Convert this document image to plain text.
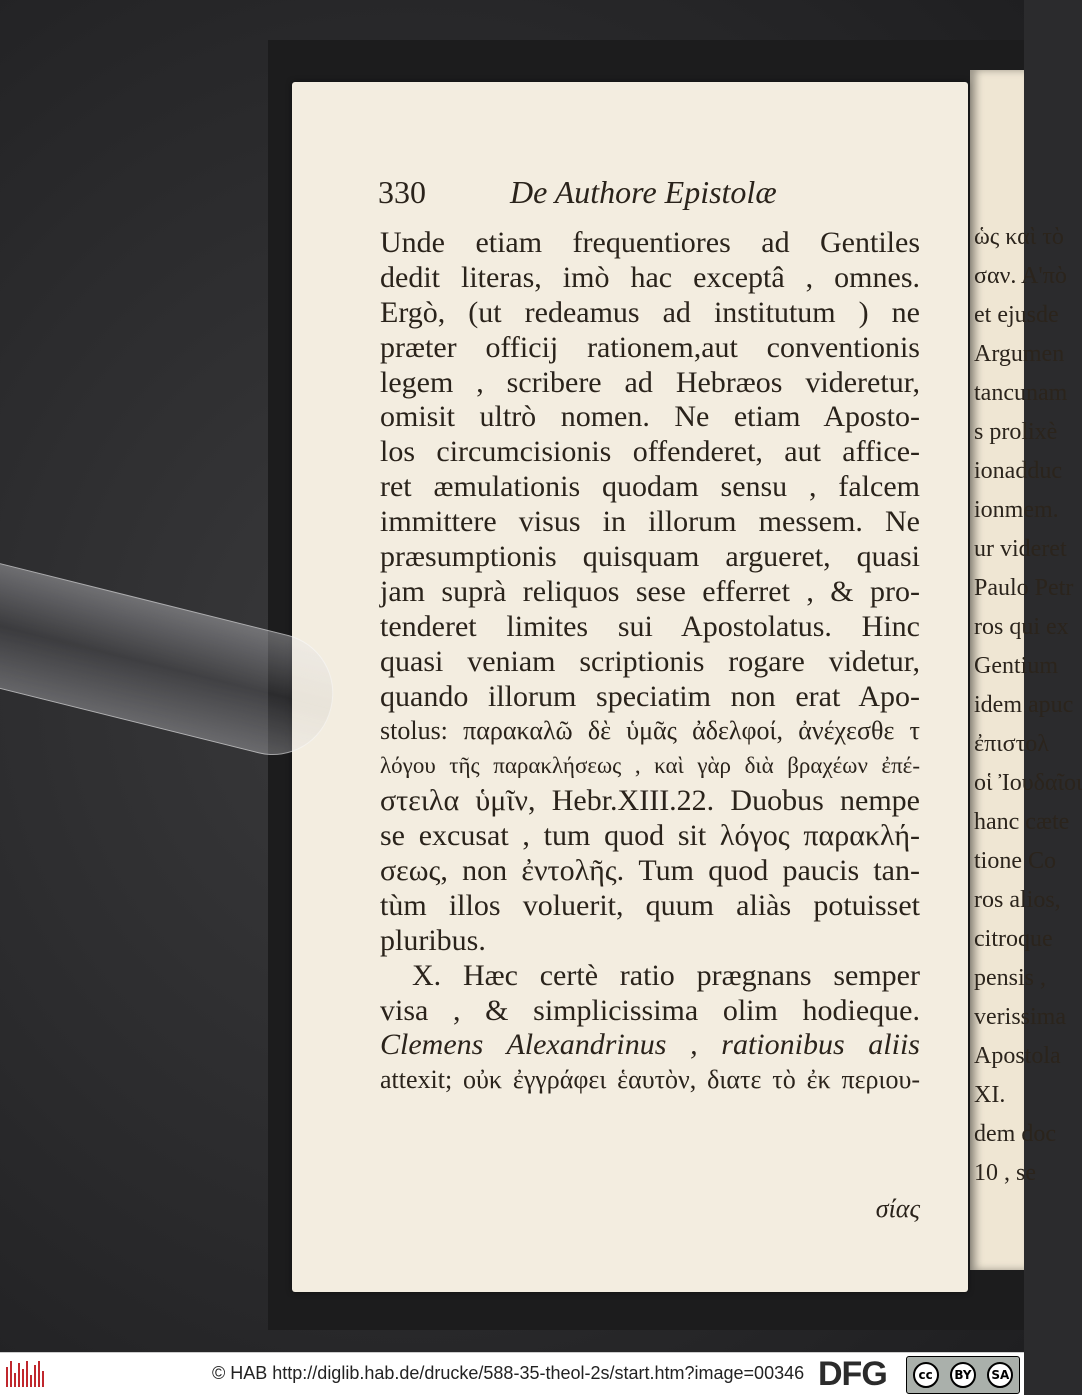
ὡς καὶ τὸ
σαν. Α'πὸ
et ejusde
Argumen
tancunam
s prolixè
ionadduc
ionmem.
ur videret
Paulo Petr
ros qui ex
Gentium
idem apuc
ἐπιστολ
οἱ Ἰουδαῖοι
hanc cæte
tione Co
ros alios,
citroque
pensis ,
verissima
Apostola
XI.
dem doc
10 , se
330	De Authore Epistolæ
Unde etiam frequentiores ad Gentiles
dedit literas, imò hac exceptâ , omnes.
Ergò, (ut redeamus ad institutum ) ne
præter officij rationem,aut conventionis
legem , scribere ad Hebræos videretur,
omisit ultrò nomen. Ne etiam Aposto-
los circumcisionis offenderet, aut affice-
ret æmulationis quodam sensu , falcem
immittere visus in illorum messem. Ne
præsumptionis quisquam argueret, quasi
jam suprà reliquos sese efferret , & pro-
tenderet limites sui Apostolatus. Hinc
quasi veniam scriptionis rogare videtur,
quando illorum speciatim non erat Apo-
stolus: παρακαλῶ δὲ ὑμᾶς ἀδελφοί, ἀνέχεσθε τ
λόγου τῆς παρακλήσεως , καὶ γὰρ διὰ βραχέων ἐπέ-
στειλα ὑμῖν, Hebr.XIII.22. Duobus nempe
se excusat , tum quod sit λόγος παρακλή-
σεως, non ἐντολῆς. Tum quod paucis tan-
tùm illos voluerit, quum aliàs potuisset
pluribus.
X. Hæc certè ratio prægnans semper
visa , & simplicissima olim hodieque.
Clemens Alexandrinus , rationibus aliis
attexit; οὐκ ἐγγράφει ἑαυτὸν, διατε τὸ ἐκ περιου-
σίας
© HAB http://diglib.hab.de/drucke/588-35-theol-2s/start.htm?image=00346 DFG	cc	BY	SA
